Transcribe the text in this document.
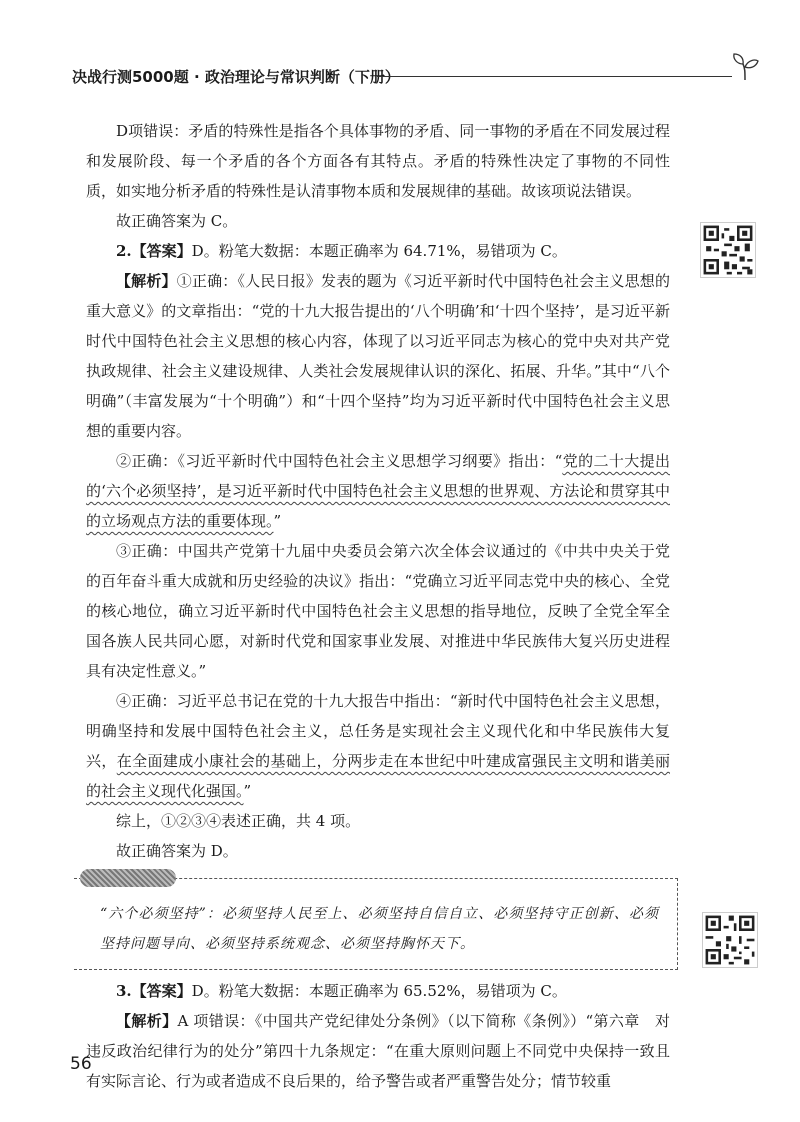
决战行测5000题 · 政治理论与常识判断（下册）

D项错误：矛盾的特殊性是指各个具体事物的矛盾、同一事物的矛盾在不同发展过程和发展阶段、每一个矛盾的各个方面各有其特点。矛盾的特殊性决定了事物的不同性质，如实地分析矛盾的特殊性是认清事物本质和发展规律的基础。故该项说法错误。

故正确答案为 C。

2.【答案】D。粉笔大数据：本题正确率为 64.71%，易错项为 C。

【解析】①正确：《人民日报》发表的题为《习近平新时代中国特色社会主义思想的重大意义》的文章指出：“党的十九大报告提出的‘八个明确’和‘十四个坚持’，是习近平新时代中国特色社会主义思想的核心内容，体现了以习近平同志为核心的党中央对共产党执政规律、社会主义建设规律、人类社会发展规律认识的深化、拓展、升华。”其中“八个明确”（丰富发展为“十个明确”）和“十四个坚持”均为习近平新时代中国特色社会主义思想的重要内容。

②正确：《习近平新时代中国特色社会主义思想学习纲要》指出：“党的二十大提出的‘六个必须坚持’，是习近平新时代中国特色社会主义思想的世界观、方法论和贯穿其中的立场观点方法的重要体现。”

③正确：中国共产党第十九届中央委员会第六次全体会议通过的《中共中央关于党的百年奋斗重大成就和历史经验的决议》指出：“党确立习近平同志党中央的核心、全党的核心地位，确立习近平新时代中国特色社会主义思想的指导地位，反映了全党全军全国各族人民共同心愿，对新时代党和国家事业发展、对推进中华民族伟大复兴历史进程具有决定性意义。”

④正确：习近平总书记在党的十九大报告中指出：“新时代中国特色社会主义思想，明确坚持和发展中国特色社会主义，总任务是实现社会主义现代化和中华民族伟大复兴，在全面建成小康社会的基础上，分两步走在本世纪中叶建成富强民主文明和谐美丽的社会主义现代化强国。”

综上，①②③④表述正确，共 4 项。

故正确答案为 D。

“六个必须坚持”：必须坚持人民至上、必须坚持自信自立、必须坚持守正创新、必须坚持问题导向、必须坚持系统观念、必须坚持胸怀天下。

3.【答案】D。粉笔大数据：本题正确率为 65.52%，易错项为 C。

【解析】A 项错误：《中国共产党纪律处分条例》（以下简称《条例》）“第六章　对违反政治纪律行为的处分”第四十九条规定：“在重大原则问题上不同党中央保持一致且有实际言论、行为或者造成不良后果的，给予警告或者严重警告处分；情节较重

56
